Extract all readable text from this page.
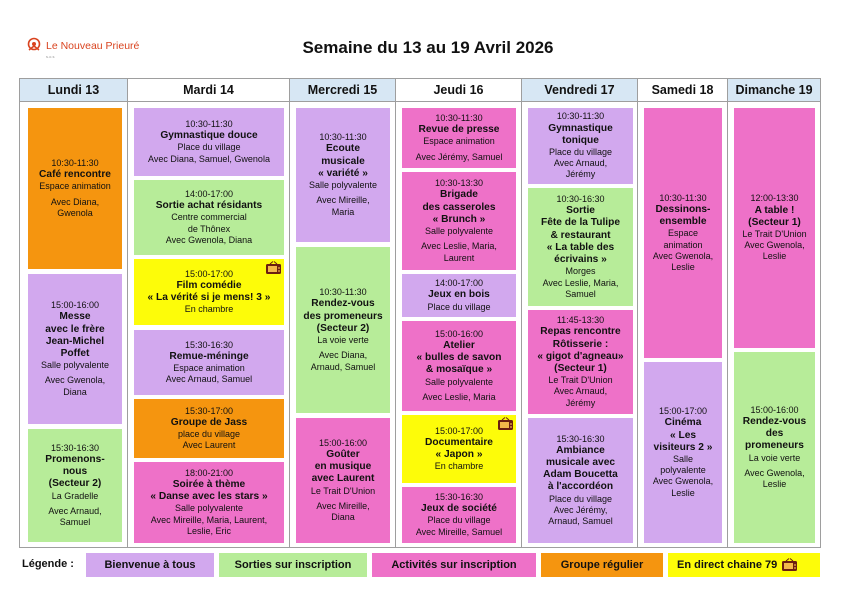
Le Nouveau Prieuré
s.o.s	Semaine du 13 au 19 Avril 2026
Lundi 13
10:30-11:30
Café rencontre
Espace animation
Avec Diana,
Gwenola
15:00-16:00
Messe
avec le frère
Jean-Michel
Poffet
Salle polyvalente
Avec Gwenola,
Diana
15:30-16:30
Promenons-
nous
(Secteur 2)
La Gradelle
Avec Arnaud,
Samuel
Mardi 14
10:30-11:30
Gymnastique douce
Place du village
Avec Diana, Samuel, Gwenola
14:00-17:00
Sortie achat résidants
Centre commercial
de Thônex
Avec Gwenola, Diana
15:00-17:00
Film comédie
« La vérité si je mens! 3 »
En chambre
15:30-16:30
Remue-méninge
Espace animation
Avec Arnaud, Samuel
15:30-17:00
Groupe de Jass
place du village
Avec Laurent
18:00-21:00
Soirée à thème
« Danse avec les stars »
Salle polyvalente
Avec Mireille, Maria, Laurent,
Leslie, Eric
Mercredi 15
10:30-11:30
Ecoute
musicale
« variété »
Salle polyvalente
Avec Mireille,
Maria
10:30-11:30
Rendez-vous
des promeneurs
(Secteur 2)
La voie verte
Avec Diana,
Arnaud, Samuel
15:00-16:00
Goûter
en musique
avec Laurent
Le Trait D'Union
Avec Mireille,
Diana
Jeudi 16
10:30-11:30
Revue de presse
Espace animation
Avec Jérémy, Samuel
10:30-13:30
Brigade
des casseroles
« Brunch »
Salle polyvalente
Avec Leslie, Maria,
Laurent
14:00-17:00
Jeux en bois
Place du village
15:00-16:00
Atelier
« bulles de savon
& mosaïque »
Salle polyvalente
Avec Leslie, Maria
15:00-17:00
Documentaire
« Japon »
En chambre
15:30-16:30
Jeux de société
Place du village
Avec Mireille, Samuel
Vendredi 17
10:30-11:30
Gymnastique
tonique
Place du village
Avec Arnaud,
Jérémy
10:30-16:30
Sortie
Fête de la Tulipe
& restaurant
« La table des
écrivains »
Morges
Avec Leslie, Maria,
Samuel
11:45-13:30
Repas rencontre
Rôtisserie :
« gigot d'agneau»
(Secteur 1)
Le Trait D'Union
Avec Arnaud,
Jérémy
15:30-16:30
Ambiance
musicale avec
Adam Boucetta
à l'accordéon
Place du village
Avec Jérémy,
Arnaud, Samuel
Samedi 18
10:30-11:30
Dessinons-
ensemble
Espace
animation
Avec Gwenola,
Leslie
15:00-17:00
Cinéma
« Les
visiteurs 2 »
Salle
polyvalente
Avec Gwenola,
Leslie
Dimanche 19
12:00-13:30
A table !
(Secteur 1)
Le Trait D'Union
Avec Gwenola,
Leslie
15:00-16:00
Rendez-vous
des
promeneurs
La voie verte
Avec Gwenola,
Leslie
Légende :	Bienvenue à tous	Sorties sur inscription	Activités sur inscription	Groupe régulier	En direct chaine 79
